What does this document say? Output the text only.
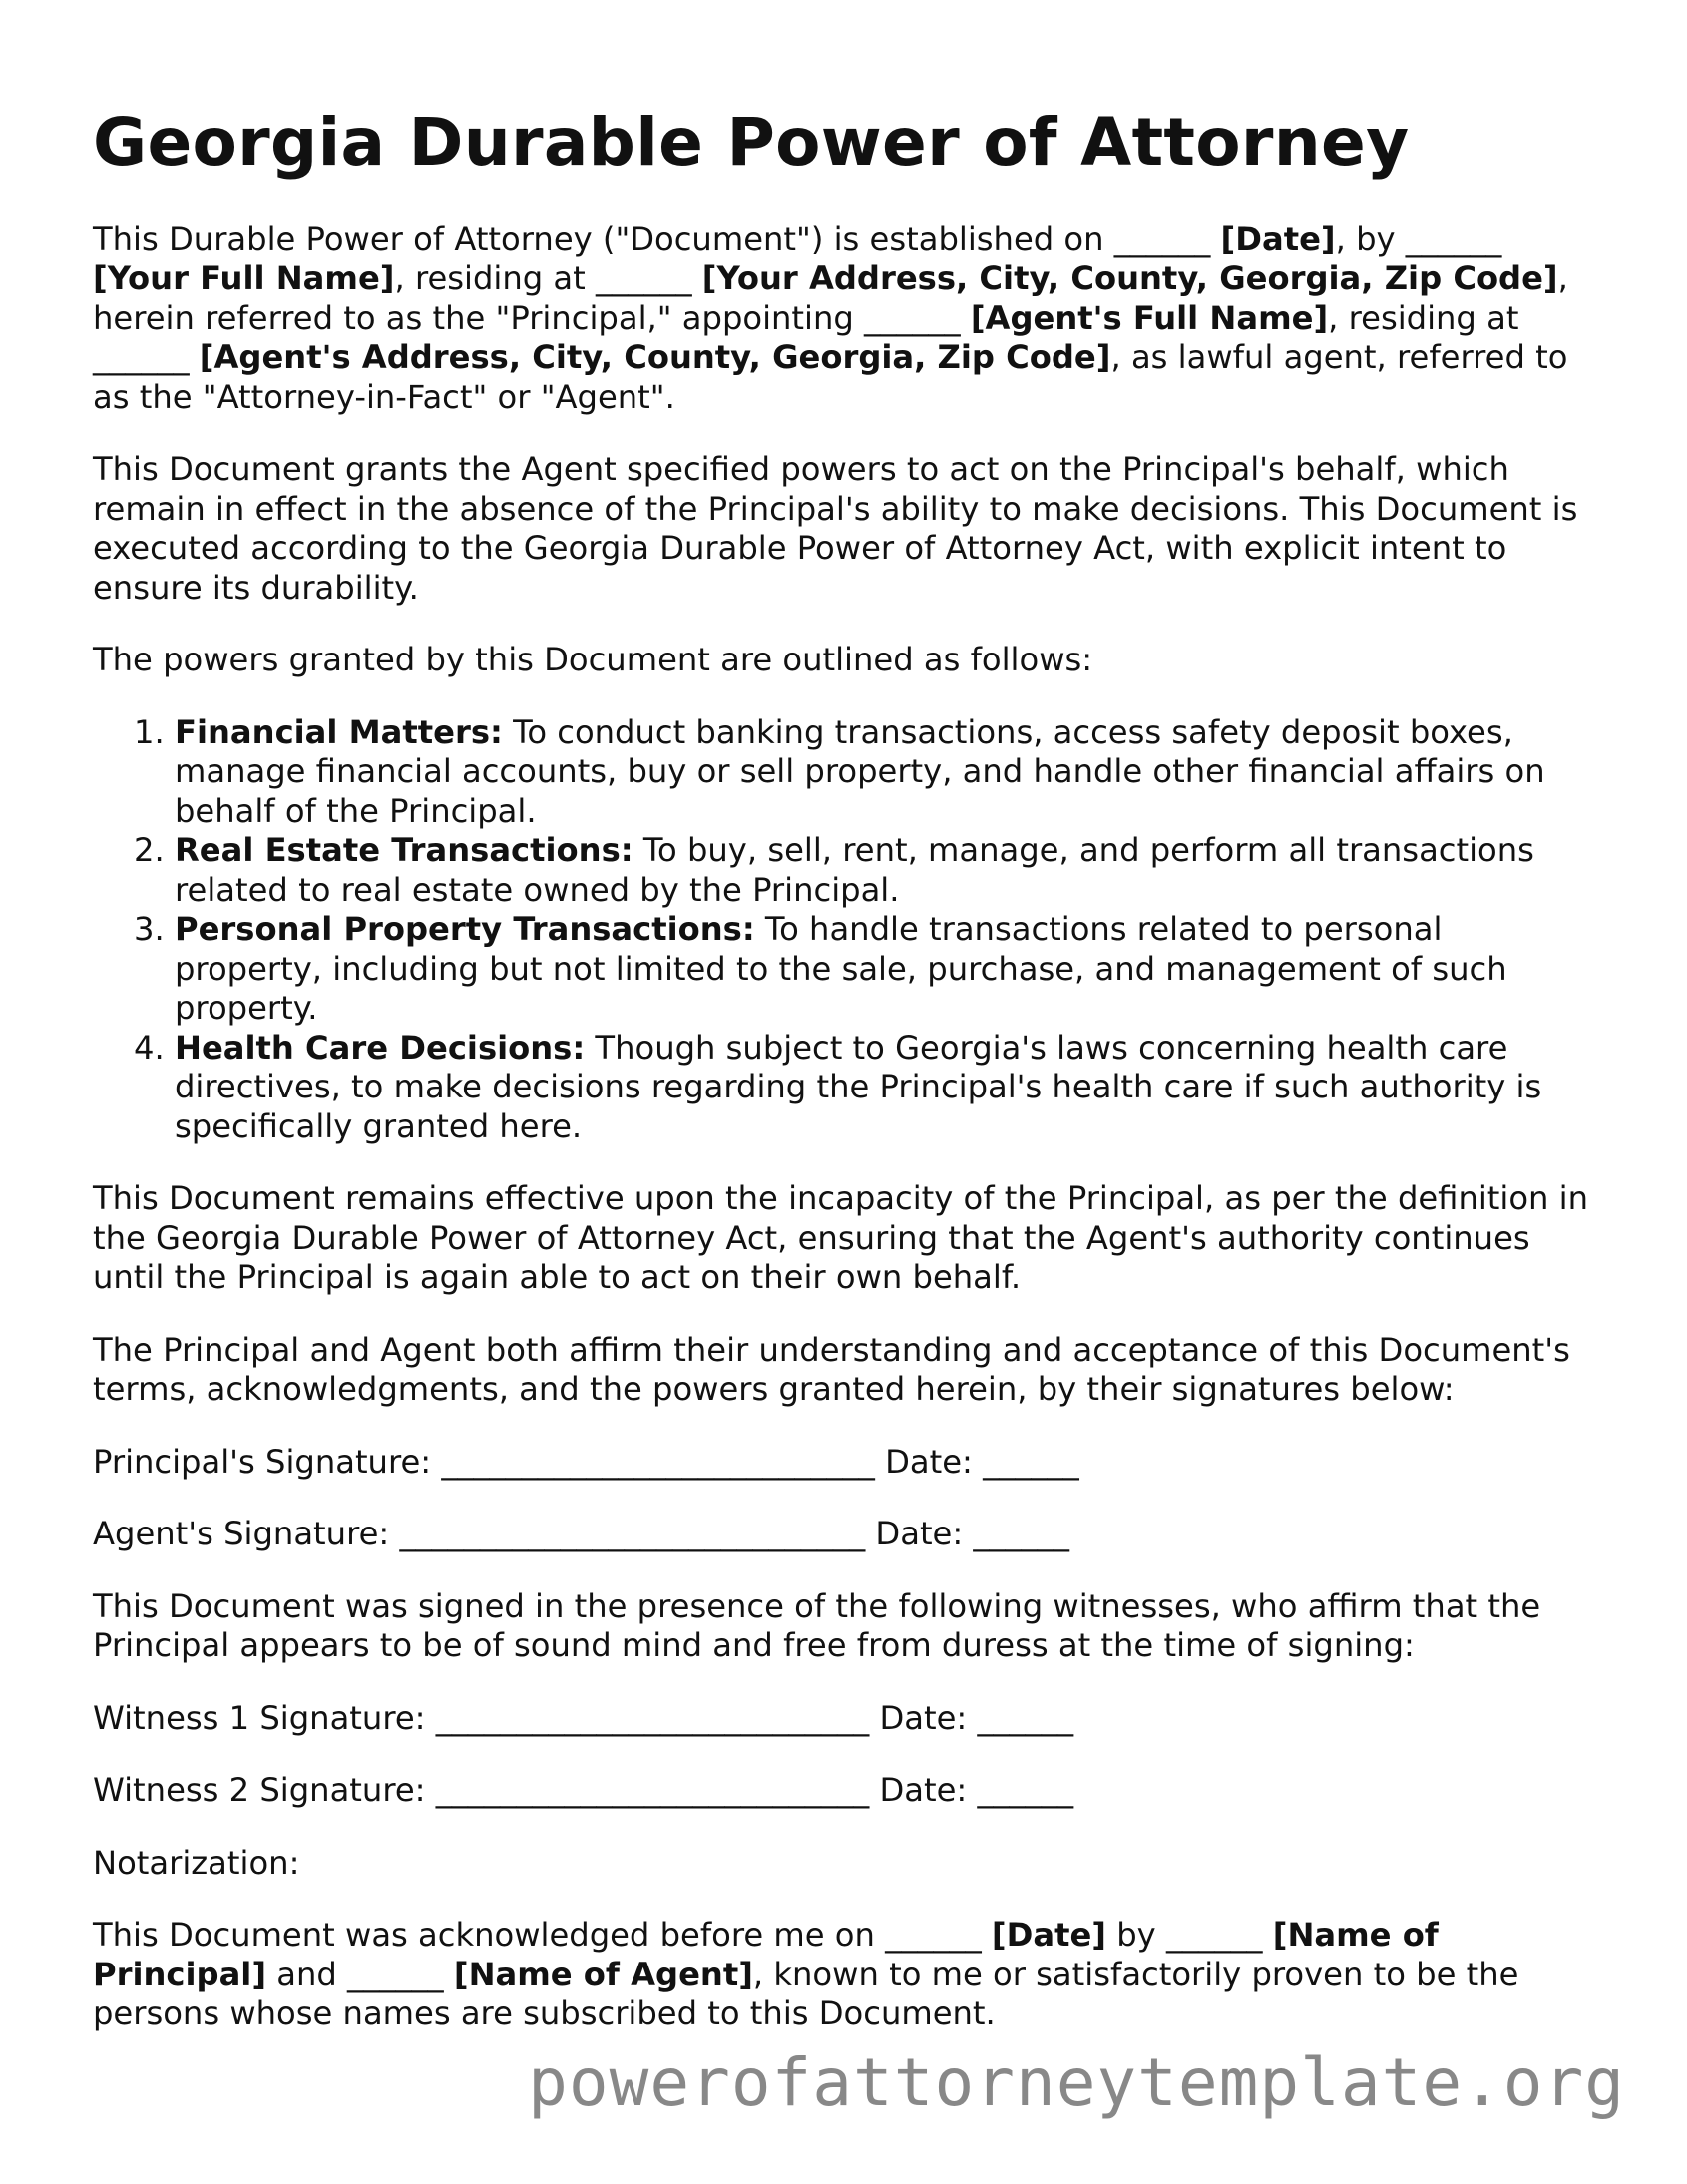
Georgia Durable Power of Attorney

This Durable Power of Attorney ("Document") is established on ______ [Date], by ______ [Your Full Name], residing at ______ [Your Address, City, County, Georgia, Zip Code], herein referred to as the "Principal," appointing ______ [Agent's Full Name], residing at ______ [Agent's Address, City, County, Georgia, Zip Code], as lawful agent, referred to as the "Attorney-in-Fact" or "Agent".

This Document grants the Agent specified powers to act on the Principal's behalf, which remain in effect in the absence of the Principal's ability to make decisions. This Document is executed according to the Georgia Durable Power of Attorney Act, with explicit intent to ensure its durability.

The powers granted by this Document are outlined as follows:

1. Financial Matters: To conduct banking transactions, access safety deposit boxes, manage financial accounts, buy or sell property, and handle other financial affairs on behalf of the Principal.
2. Real Estate Transactions: To buy, sell, rent, manage, and perform all transactions related to real estate owned by the Principal.
3. Personal Property Transactions: To handle transactions related to personal property, including but not limited to the sale, purchase, and management of such property.
4. Health Care Decisions: Though subject to Georgia's laws concerning health care directives, to make decisions regarding the Principal's health care if such authority is specifically granted here.

This Document remains effective upon the incapacity of the Principal, as per the definition in the Georgia Durable Power of Attorney Act, ensuring that the Agent's authority continues until the Principal is again able to act on their own behalf.

The Principal and Agent both affirm their understanding and acceptance of this Document's terms, acknowledgments, and the powers granted herein, by their signatures below:

Principal's Signature: ___________________________ Date: ______

Agent's Signature: _____________________________ Date: ______

This Document was signed in the presence of the following witnesses, who affirm that the Principal appears to be of sound mind and free from duress at the time of signing:

Witness 1 Signature: ___________________________ Date: ______

Witness 2 Signature: ___________________________ Date: ______

Notarization:

This Document was acknowledged before me on ______ [Date] by ______ [Name of Principal] and ______ [Name of Agent], known to me or satisfactorily proven to be the persons whose names are subscribed to this Document.

powerofattorneytemplate.org
